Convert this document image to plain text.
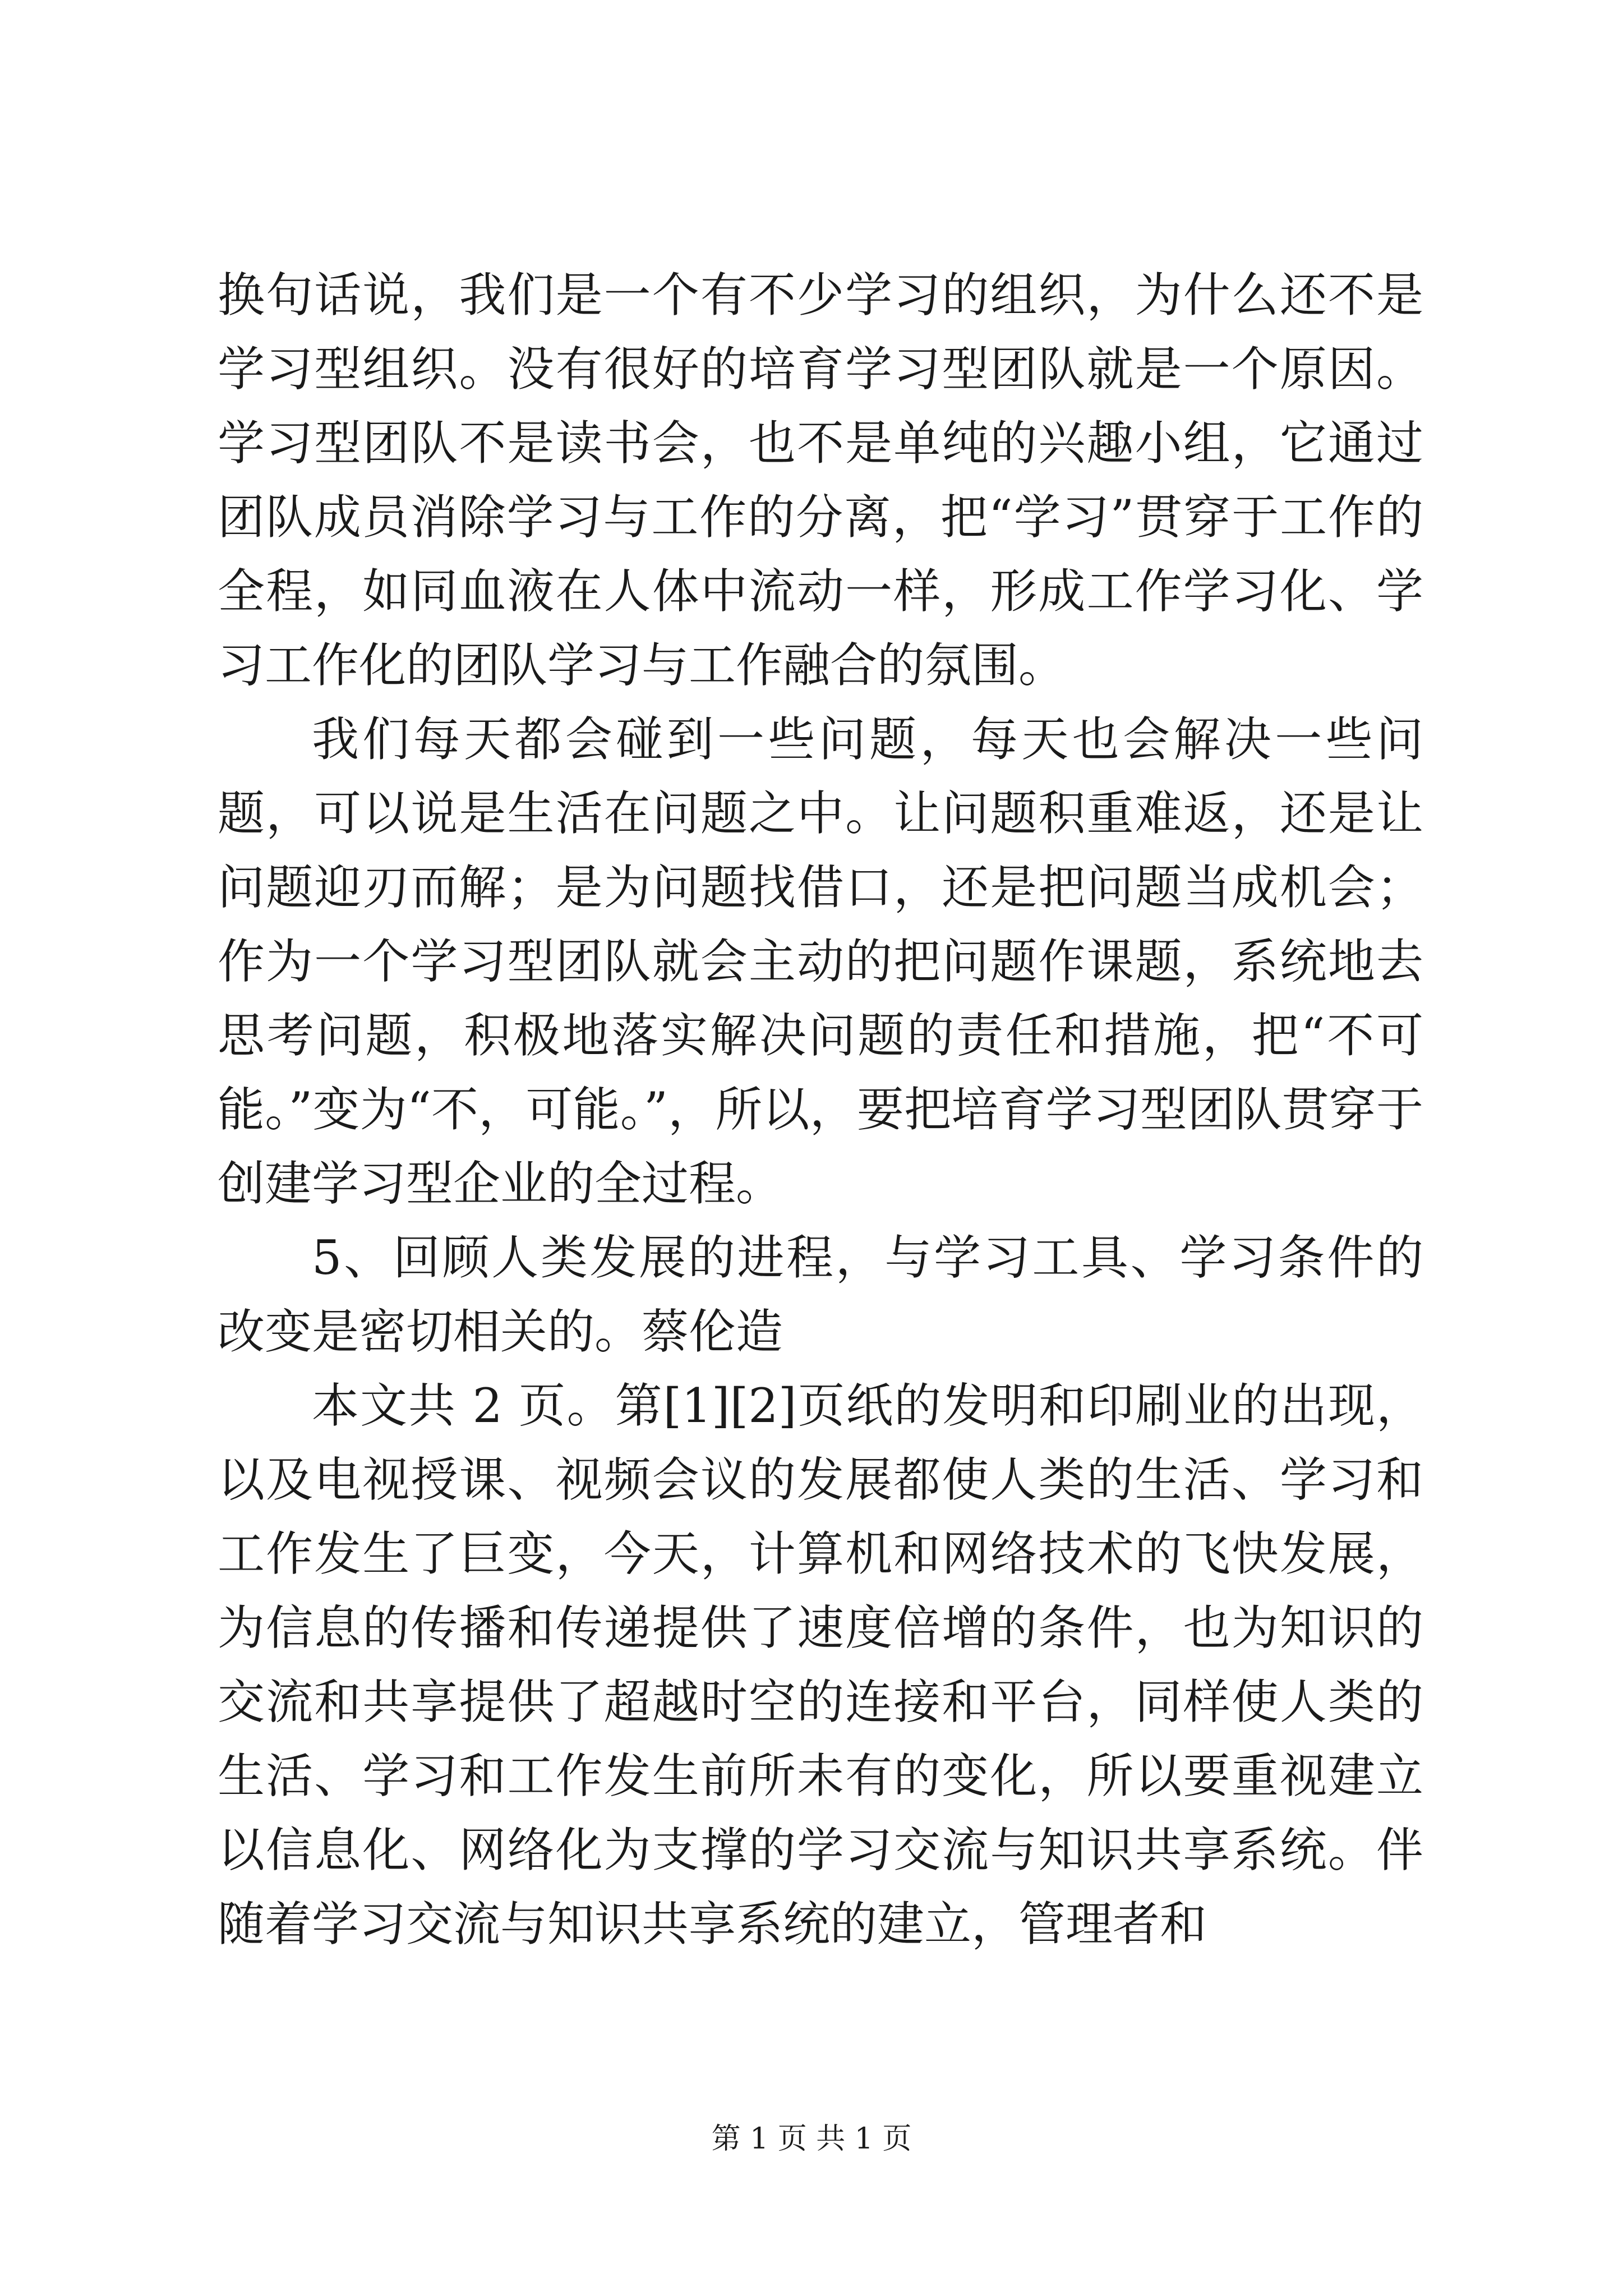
换句话说，我们是一个有不少学习的组织，为什么还不是学习型组织。没有很好的培育学习型团队就是一个原因。学习型团队不是读书会，也不是单纯的兴趣小组，它通过团队成员消除学习与工作的分离，把“学习”贯穿于工作的全程，如同血液在人体中流动一样，形成工作学习化、学习工作化的团队学习与工作融合的氛围。

我们每天都会碰到一些问题，每天也会解决一些问题，可以说是生活在问题之中。让问题积重难返，还是让问题迎刃而解；是为问题找借口，还是把问题当成机会；作为一个学习型团队就会主动的把问题作课题，系统地去思考问题，积极地落实解决问题的责任和措施，把“不可能。”变为“不，可能。”，所以，要把培育学习型团队贯穿于创建学习型企业的全过程。

5、回顾人类发展的进程，与学习工具、学习条件的改变是密切相关的。蔡伦造

本文共 2 页。第[1][2]页纸的发明和印刷业的出现，以及电视授课、视频会议的发展都使人类的生活、学习和工作发生了巨变，今天，计算机和网络技术的飞快发展，为信息的传播和传递提供了速度倍增的条件，也为知识的交流和共享提供了超越时空的连接和平台，同样使人类的生活、学习和工作发生前所未有的变化，所以要重视建立以信息化、网络化为支撑的学习交流与知识共享系统。伴随着学习交流与知识共享系统的建立，管理者和

第 1 页 共 1 页
